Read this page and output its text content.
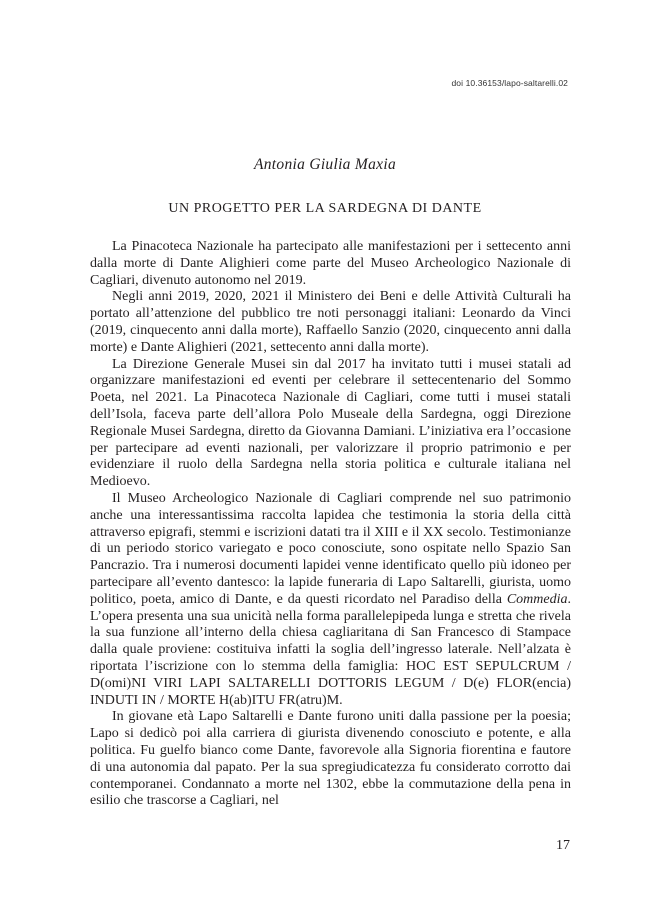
doi 10.36153/lapo-saltarelli.02
Antonia Giulia Maxia
UN PROGETTO PER LA SARDEGNA DI DANTE

La Pinacoteca Nazionale ha partecipato alle manifestazioni per i settecento anni dalla morte di Dante Alighieri come parte del Museo Archeologico Nazionale di Cagliari, divenuto autonomo nel 2019.

Negli anni 2019, 2020, 2021 il Ministero dei Beni e delle Attività Culturali ha portato all’attenzione del pubblico tre noti personaggi italiani: Leonardo da Vinci (2019, cinquecento anni dalla morte), Raffaello Sanzio (2020, cinquecento anni dalla morte) e Dante Alighieri (2021, settecento anni dalla morte).

La Direzione Generale Musei sin dal 2017 ha invitato tutti i musei statali ad organizzare manifestazioni ed eventi per celebrare il settecentenario del Sommo Poeta, nel 2021. La Pinacoteca Nazionale di Cagliari, come tutti i musei statali dell’Isola, faceva parte dell’allora Polo Museale della Sardegna, oggi Direzione Regionale Musei Sardegna, diretto da Giovanna Damiani. L’iniziativa era l’occasione per partecipare ad eventi nazionali, per valorizzare il proprio patrimonio e per evidenziare il ruolo della Sardegna nella storia politica e culturale italiana nel Medioevo.

Il Museo Archeologico Nazionale di Cagliari comprende nel suo patrimonio anche una interessantissima raccolta lapidea che testimonia la storia della città attraverso epigrafi, stemmi e iscrizioni datati tra il XIII e il XX secolo. Testimonianze di un periodo storico variegato e poco conosciute, sono ospitate nello Spazio San Pancrazio. Tra i numerosi documenti lapidei venne identificato quello più idoneo per partecipare all’evento dantesco: la lapide funeraria di Lapo Saltarelli, giurista, uomo politico, poeta, amico di Dante, e da questi ricordato nel Paradiso della Commedia. L’opera presenta una sua unicità nella forma parallelepipeda lunga e stretta che rivela la sua funzione all’interno della chiesa cagliaritana di San Francesco di Stampace dalla quale proviene: costituiva infatti la soglia dell’ingresso laterale. Nell’alzata è riportata l’iscrizione con lo stemma della famiglia: HOC EST SEPULCRUM / D(omi)NI VIRI LAPI SALTARELLI DOTTORIS LEGUM / D(e) FLOR(encia) INDUTI IN / MORTE H(ab)ITU FR(atru)M.

In giovane età Lapo Saltarelli e Dante furono uniti dalla passione per la poesia; Lapo si dedicò poi alla carriera di giurista divenendo conosciuto e potente, e alla politica. Fu guelfo bianco come Dante, favorevole alla Signoria fiorentina e fautore di una autonomia dal papato. Per la sua spregiudicatezza fu considerato corrotto dai contemporanei. Condannato a morte nel 1302, ebbe la commutazione della pena in esilio che trascorse a Cagliari, nel

17
